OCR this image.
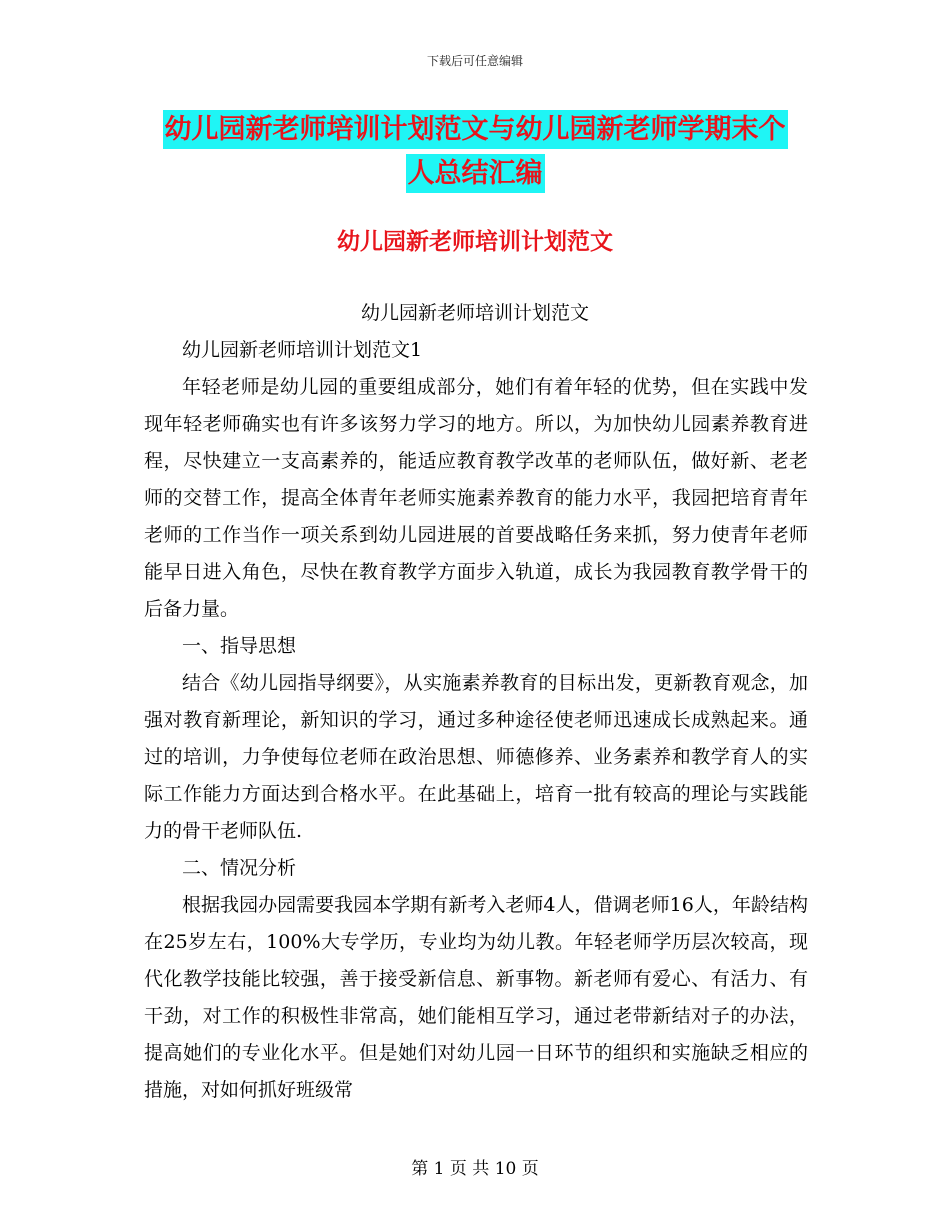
下载后可任意编辑
幼儿园新老师培训计划范文与幼儿园新老师学期末个
人总结汇编
幼儿园新老师培训计划范文
幼儿园新老师培训计划范文

幼儿园新老师培训计划范文1

年轻老师是幼儿园的重要组成部分，她们有着年轻的优势，但在实践中发现年轻老师确实也有许多该努力学习的地方。所以，为加快幼儿园素养教育进程，尽快建立一支高素养的，能适应教育教学改革的老师队伍，做好新、老老师的交替工作，提高全体青年老师实施素养教育的能力水平，我园把培育青年老师的工作当作一项关系到幼儿园进展的首要战略任务来抓，努力使青年老师能早日进入角色，尽快在教育教学方面步入轨道，成长为我园教育教学骨干的后备力量。

一、指导思想

结合《幼儿园指导纲要》，从实施素养教育的目标出发，更新教育观念，加强对教育新理论，新知识的学习，通过多种途径使老师迅速成长成熟起来。通过的培训，力争使每位老师在政治思想、师德修养、业务素养和教学育人的实际工作能力方面达到合格水平。在此基础上，培育一批有较高的理论与实践能力的骨干老师队伍.

二、情况分析

根据我园办园需要我园本学期有新考入老师4人，借调老师16人，年龄结构在25岁左右，100%大专学历，专业均为幼儿教。年轻老师学历层次较高，现代化教学技能比较强，善于接受新信息、新事物。新老师有爱心、有活力、有干劲，对工作的积极性非常高，她们能相互学习，通过老带新结对子的办法，提高她们的专业化水平。但是她们对幼儿园一日环节的组织和实施缺乏相应的措施，对如何抓好班级常

第 1 页 共 10 页
